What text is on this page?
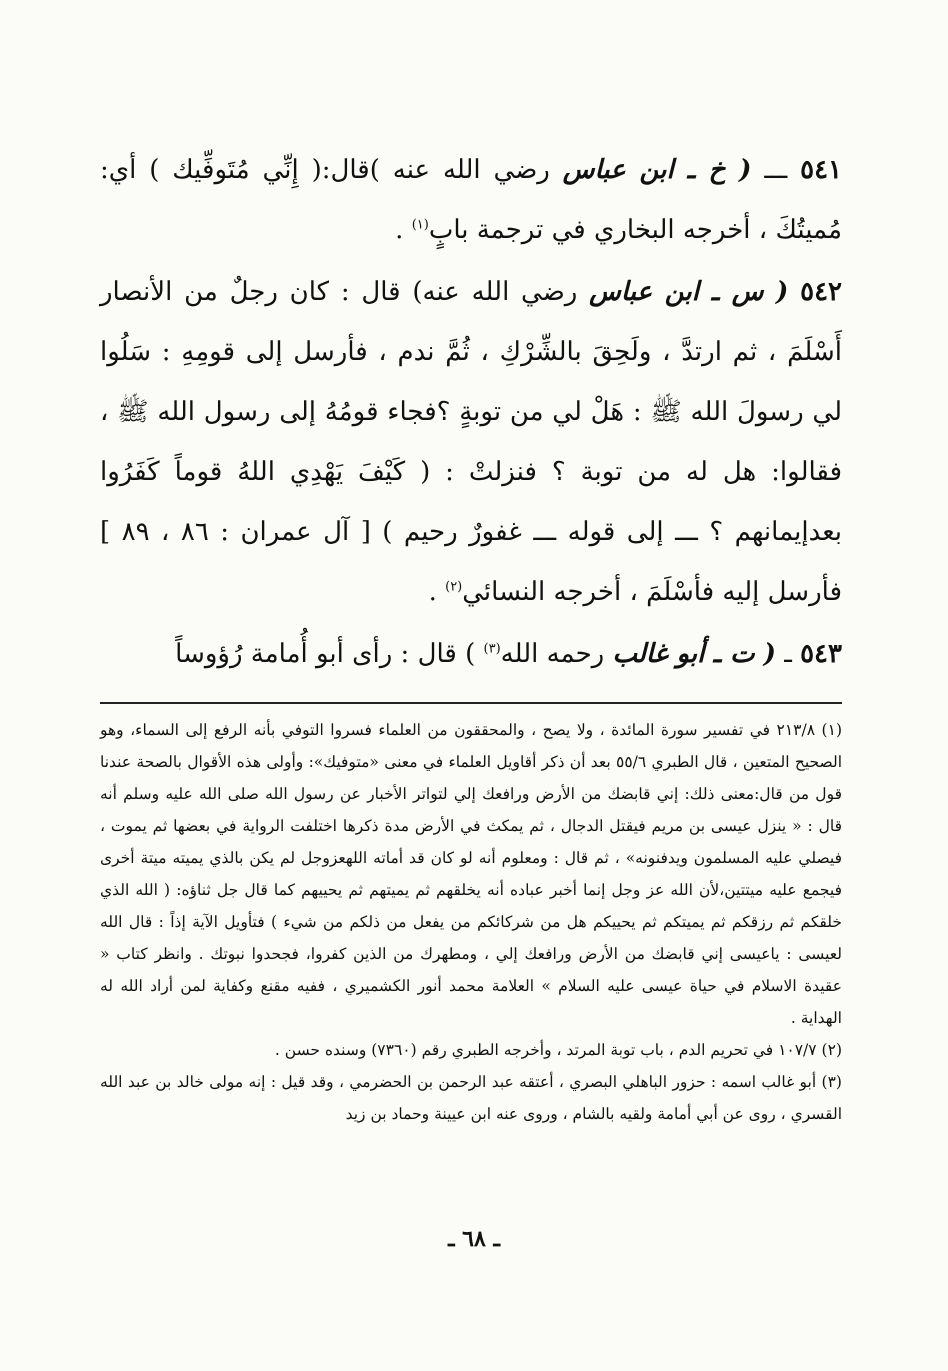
٥٤١ ـــ ( خ ـ ابن عباس رضي الله عنه )قال:( إِنِّي مُتَوفِّيك ) أي: مُميتُكَ ، أخرجه البخاري في ترجمة بابٍ$^{(١)}$ .

٥٤٢ ( س ـ ابن عباس رضي الله عنه) قال : كان رجلٌ من الأنصار أَسْلَمَ ، ثم ارتدَّ ، ولَحِقَ بالشِّرْكِ ، ثُمَّ ندم ، فأرسل إلى قومِهِ : سَلُوا لي رسولَ الله ﷺ : هَلْ لي من توبةٍ ؟فجاء قومُهُ إلى رسول الله ﷺ ، فقالوا: هل له من توبة ؟ فنزلتْ : ( كَيْفَ يَهْدِي اللهُ قوماً كَفَرُوا بعدإيمانهم ؟ ـــ إلى قوله ـــ غفورٌ رحيم ) [ آل عمران : ٨٦ ، ٨٩ ] فأرسل إليه فأسْلَمَ ، أخرجه النسائي$^{(٢)}$ .

٥٤٣ ـ ( ت ـ أبو غالب رحمه الله$^{(٣)}$ ) قال : رأى أبو أُمامة رُؤوساً

(١) ٢١٣/٨ في تفسير سورة المائدة ، ولا يصح ، والمحققون من العلماء فسروا التوفي بأنه الرفع إلى السماء، وهو الصحيح المتعين ، قال الطبري ٥٥/٦ بعد أن ذكر أقاويل العلماء في معنى «متوفيك»: وأولى هذه الأقوال بالصحة عندنا قول من قال:معنى ذلك: إني قابضك من الأرض ورافعك إلي لتواتر الأخبار عن رسول الله صلى الله عليه وسلم أنه قال : « ينزل عيسى بن مريم فيقتل الدجال ، ثم يمكث في الأرض مدة ذكرها اختلفت الرواية في بعضها ثم يموت ، فيصلي عليه المسلمون ويدفنونه» ، ثم قال : ومعلوم أنه لو كان قد أماته اللهعزوجل لم يكن بالذي يميته ميتة أخرى فيجمع عليه ميتتين،لأن الله عز وجل إنما أخبر عباده أنه يخلقهم ثم يميتهم ثم يحييهم كما قال جل ثناؤه: ( الله الذي خلقكم ثم رزقكم ثم يميتكم ثم يحييكم هل من شركائكم من يفعل من ذلكم من شيء ) فتأويل الآية إذاً : قال الله لعيسى : ياعيسى إني قابضك من الأرض ورافعك إلي ، ومطهرك من الذين كفروا، فجحدوا نبوتك . وانظر كتاب « عقيدة الاسلام في حياة عيسى عليه السلام » العلامة محمد أنور الكشميري ، ففيه مقنع وكفاية لمن أراد الله له الهداية .

(٢) ١٠٧/٧ في تحريم الدم ، باب توبة المرتد ، وأخرجه الطبري رقم (٧٣٦٠) وسنده حسن .

(٣) أبو غالب اسمه : حزور الباهلي البصري ، أعتقه عبد الرحمن بن الحضرمي ، وقد قيل : إنه مولى خالد بن عبد الله القسري ، روى عن أبي أمامة ولقيه بالشام ، وروى عنه ابن عيينة وحماد بن زيد

ـ ٦٨ ـ
